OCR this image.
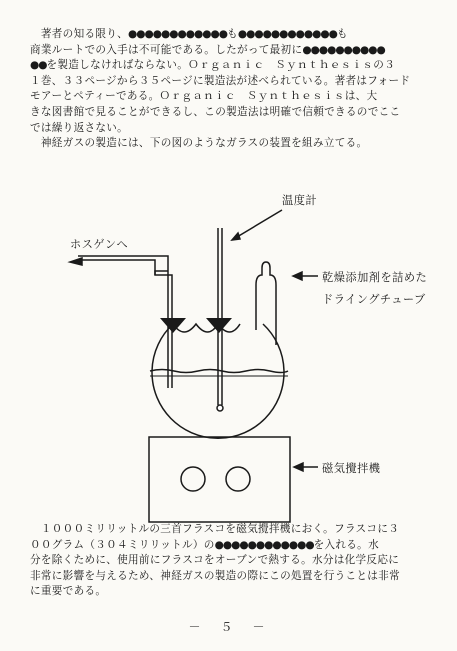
　著者の知る限り、●●●●●●●●●●●●も●●●●●●●●●●●●も
商業ルートでの入手は不可能である。したがって最初に●●●●●●●●●●
●●を製造しなければならない。Ｏｒｇａｎｉｃ　Ｓｙｎｔｈｅｓｉｓの３
１巻、３３ページから３５ページに製造法が述べられている。著者はフォード　モアーとペティーである。Ｏｒｇａｎｉｃ　Ｓｙｎｔｈｅｓｉｓは、大
きな図書館で見ることができるし、この製造法は明確で信頼できるのでここ
では繰り返さない。
　神経ガスの製造には、下の図のようなガラスの装置を組み立てる。
温度計
ホスゲンへ
乾燥添加剤を詰めた
ドライングチューブ
磁気攪拌機
　１０００ミリリットルの三首フラスコを磁気攪拌機におく。フラスコに３
００グラム（３０４ミリリットル）の●●●●●●●●●●●●を入れる。水
分を除くために、使用前にフラスコをオーブンで熱する。水分は化学反応に
非常に影響を与えるため、神経ガスの製造の際にこの処置を行うことは非常
に重要である。
－　５　－
